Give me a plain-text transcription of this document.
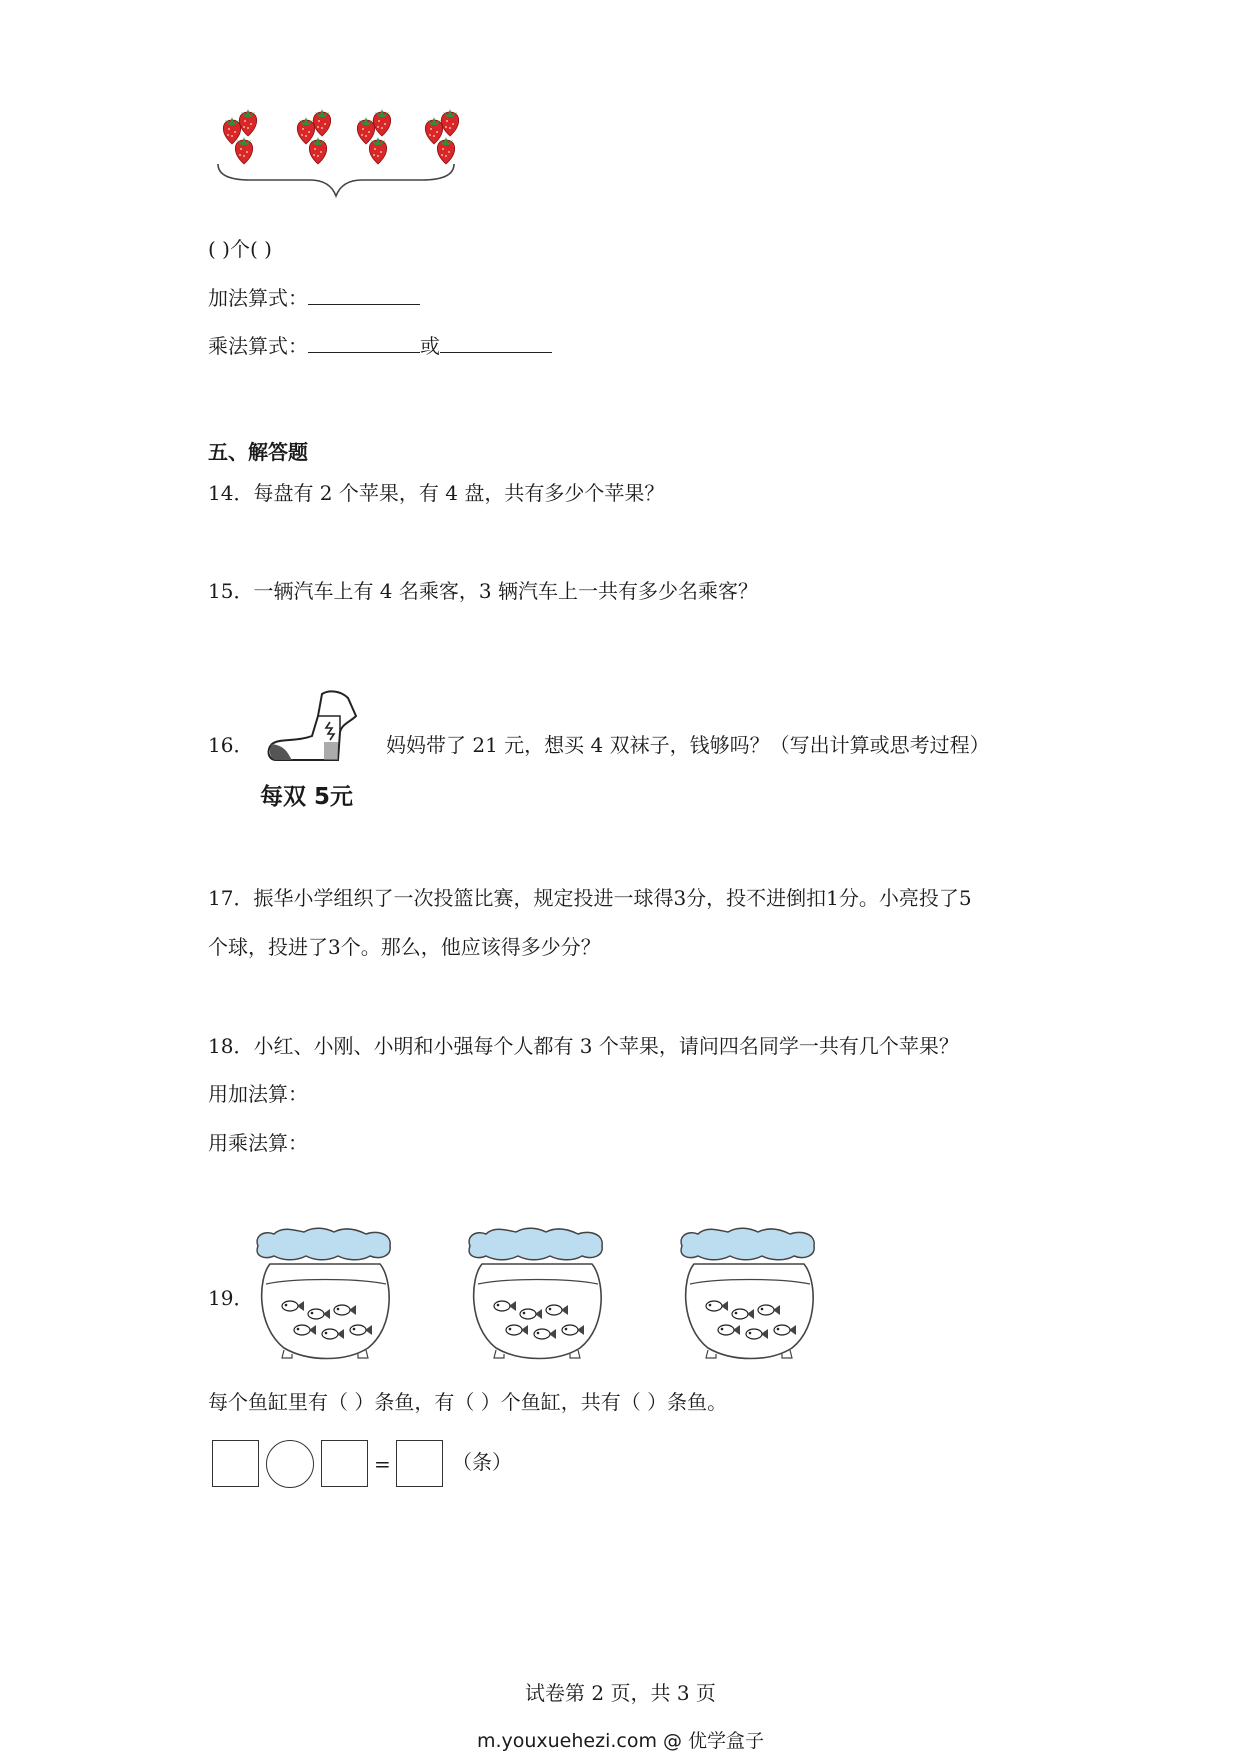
( )个( )
加法算式：
乘法算式：	或
五、解答题
14．每盘有 2 个苹果，有 4 盘，共有多少个苹果？
15．一辆汽车上有 4 名乘客，3 辆汽车上一共有多少名乘客？
16．
每双 5元
妈妈带了 21 元，想买 4 双袜子，钱够吗？（写出计算或思考过程）
17．振华小学组织了一次投篮比赛，规定投进一球得3分，投不进倒扣1分。小亮投了5
个球，投进了3个。那么，他应该得多少分？
18．小红、小刚、小明和小强每个人都有 3 个苹果，请问四名同学一共有几个苹果？
用加法算：
用乘法算：
19．
每个鱼缸里有（ ）条鱼，有（ ）个鱼缸，共有（ ）条鱼。
=	（条）
试卷第 2 页，共 3 页
m.youxuehezi.com @ 优学盒子
